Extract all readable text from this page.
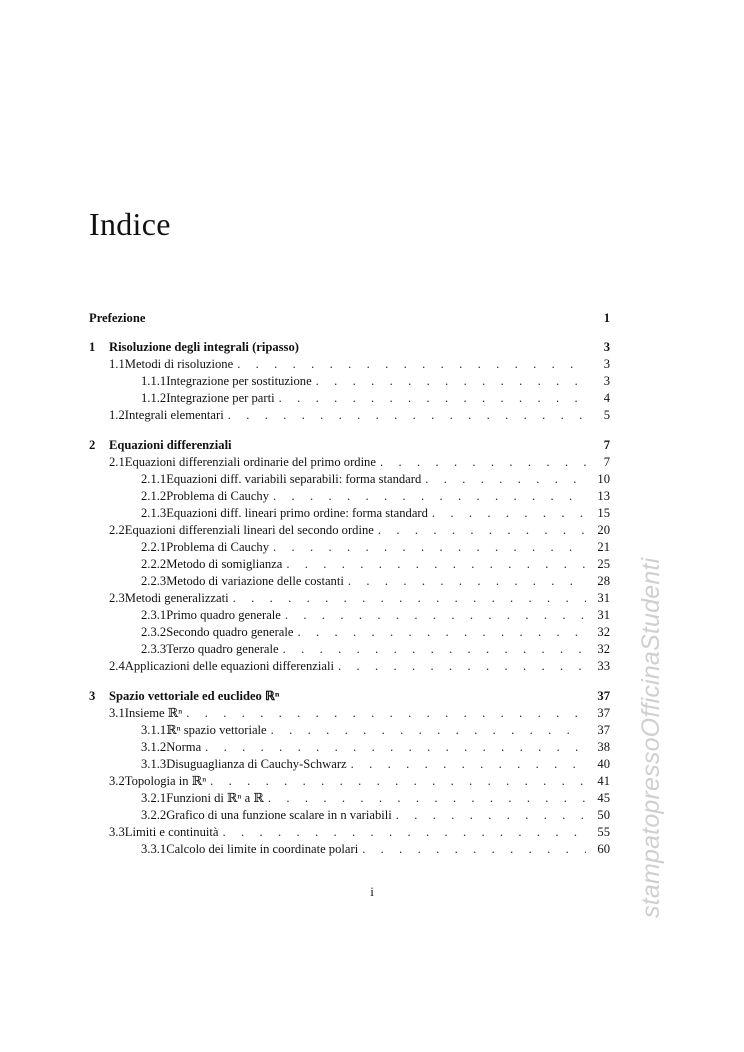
Indice
Prefezione	1
1	Risoluzione degli integrali (ripasso)	3
1.1 Metodi di risoluzione . . .	3
1.1.1 Integrazione per sostituzione . . .	3
1.1.2 Integrazione per parti . . .	4
1.2 Integrali elementari . . .	5
2	Equazioni differenziali	7
2.1 Equazioni differenziali ordinarie del primo ordine . . .	7
2.1.1 Equazioni diff. variabili separabili: forma standard . . .	10
2.1.2 Problema di Cauchy . . .	13
2.1.3 Equazioni diff. lineari primo ordine: forma standard . . .	15
2.2 Equazioni differenziali lineari del secondo ordine . . .	20
2.2.1 Problema di Cauchy . . .	21
2.2.2 Metodo di somiglianza . . .	25
2.2.3 Metodo di variazione delle costanti . . .	28
2.3 Metodi generalizzati . . .	31
2.3.1 Primo quadro generale . . .	31
2.3.2 Secondo quadro generale . . .	32
2.3.3 Terzo quadro generale . . .	32
2.4 Applicazioni delle equazioni differenziali . . .	33
3	Spazio vettoriale ed euclideo ℝⁿ	37
3.1 Insieme ℝⁿ . . .	37
3.1.1 ℝⁿ spazio vettoriale . . .	37
3.1.2 Norma . . .	38
3.1.3 Disuguaglianza di Cauchy-Schwarz . . .	40
3.2 Topologia in ℝⁿ . . .	41
3.2.1 Funzioni di ℝⁿ a ℝ . . .	45
3.2.2 Grafico di una funzione scalare in n variabili . . .	50
3.3 Limiti e continuità . . .	55
3.3.1 Calcolo dei limite in coordinate polari . . .	60
i	stampatopressoOfficinaStudenti
